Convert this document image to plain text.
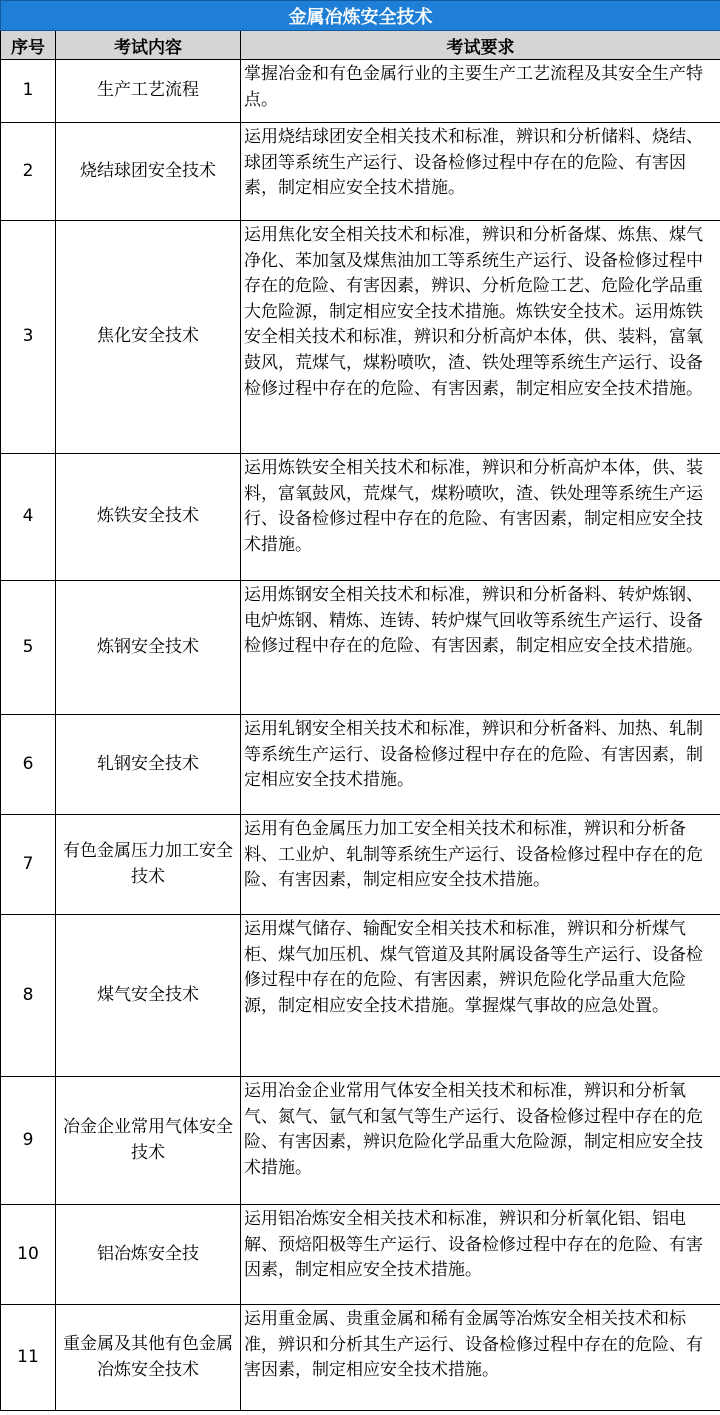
金属冶炼安全技术		
序号	考试内容	考试要求
1	生产工艺流程	掌握冶金和有色金属行业的主要生产工艺流程及其安全生产特点。
2	烧结球团安全技术	运用烧结球团安全相关技术和标准，辨识和分析储料、烧结、球团等系统生产运行、设备检修过程中存在的危险、有害因素，制定相应安全技术措施。
3	焦化安全技术	运用焦化安全相关技术和标准，辨识和分析备煤、炼焦、煤气净化、苯加氢及煤焦油加工等系统生产运行、设备检修过程中存在的危险、有害因素，辨识、分析危险工艺、危险化学品重大危险源，制定相应安全技术措施。炼铁安全技术。运用炼铁安全相关技术和标准，辨识和分析高炉本体，供、装料，富氧鼓风，荒煤气，煤粉喷吹，渣、铁处理等系统生产运行、设备检修过程中存在的危险、有害因素，制定相应安全技术措施。
4	炼铁安全技术	运用炼铁安全相关技术和标准，辨识和分析高炉本体，供、装料，富氧鼓风，荒煤气，煤粉喷吹，渣、铁处理等系统生产运行、设备检修过程中存在的危险、有害因素，制定相应安全技术措施。
5	炼钢安全技术	运用炼钢安全相关技术和标准，辨识和分析备料、转炉炼钢、电炉炼钢、精炼、连铸、转炉煤气回收等系统生产运行、设备检修过程中存在的危险、有害因素，制定相应安全技术措施。
6	轧钢安全技术	运用轧钢安全相关技术和标准，辨识和分析备料、加热、轧制等系统生产运行、设备检修过程中存在的危险、有害因素，制定相应安全技术措施。
7	有色金属压力加工安全技术	运用有色金属压力加工安全相关技术和标准，辨识和分析备料、工业炉、轧制等系统生产运行、设备检修过程中存在的危险、有害因素，制定相应安全技术措施。
8	煤气安全技术	运用煤气储存、输配安全相关技术和标准，辨识和分析煤气柜、煤气加压机、煤气管道及其附属设备等生产运行、设备检修过程中存在的危险、有害因素，辨识危险化学品重大危险源，制定相应安全技术措施。掌握煤气事故的应急处置。
9	冶金企业常用气体安全技术	运用冶金企业常用气体安全相关技术和标准，辨识和分析氧气、氮气、氩气和氢气等生产运行、设备检修过程中存在的危险、有害因素，辨识危险化学品重大危险源，制定相应安全技术措施。
10	铝冶炼安全技	运用铝冶炼安全相关技术和标准，辨识和分析氧化铝、铝电解、预焙阳极等生产运行、设备检修过程中存在的危险、有害因素，制定相应安全技术措施。
11	重金属及其他有色金属冶炼安全技术	运用重金属、贵重金属和稀有金属等冶炼安全相关技术和标准，辨识和分析其生产运行、设备检修过程中存在的危险、有害因素，制定相应安全技术措施。
